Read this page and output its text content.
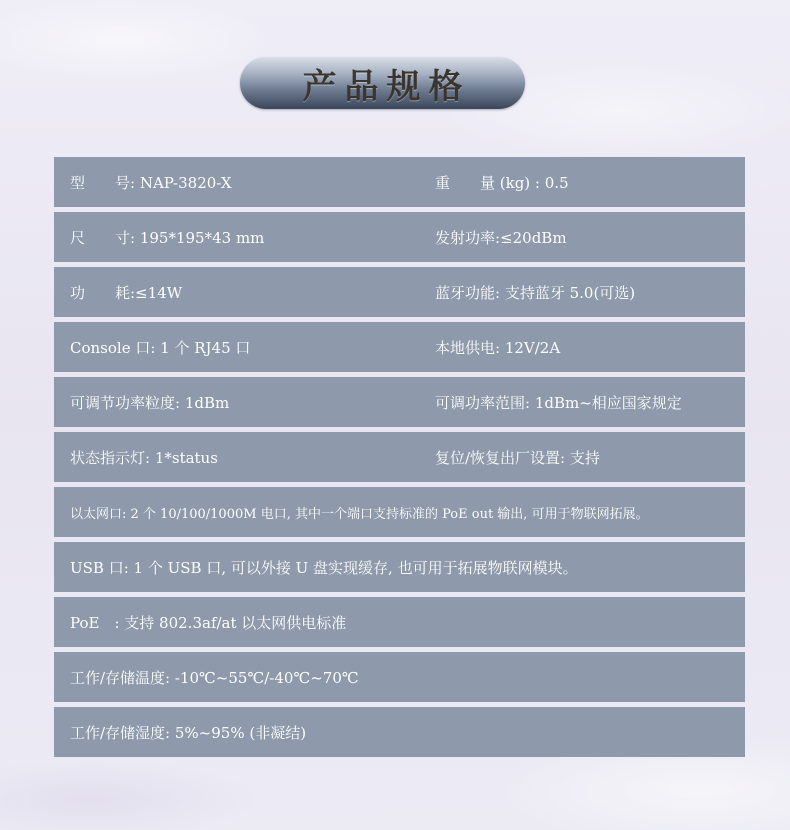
产品规格
型　　号: NAP-3820-X	重　　量 (kg) : 0.5
尺　　寸: 195*195*43 mm	发射功率:≤20dBm
功　　耗:≤14W	蓝牙功能: 支持蓝牙 5.0(可选)
Console 口: 1 个 RJ45 口	本地供电: 12V/2A
可调节功率粒度: 1dBm	可调功率范围: 1dBm~相应国家规定
状态指示灯: 1*status	复位/恢复出厂设置: 支持
以太网口: 2 个 10/100/1000M 电口, 其中一个端口支持标准的 PoE out 输出, 可用于物联网拓展。
USB 口: 1 个 USB 口, 可以外接 U 盘实现缓存, 也可用于拓展物联网模块。
PoE　: 支持 802.3af/at 以太网供电标准
工作/存储温度: -10℃~55℃/-40℃~70℃
工作/存储湿度: 5%~95% (非凝结)
